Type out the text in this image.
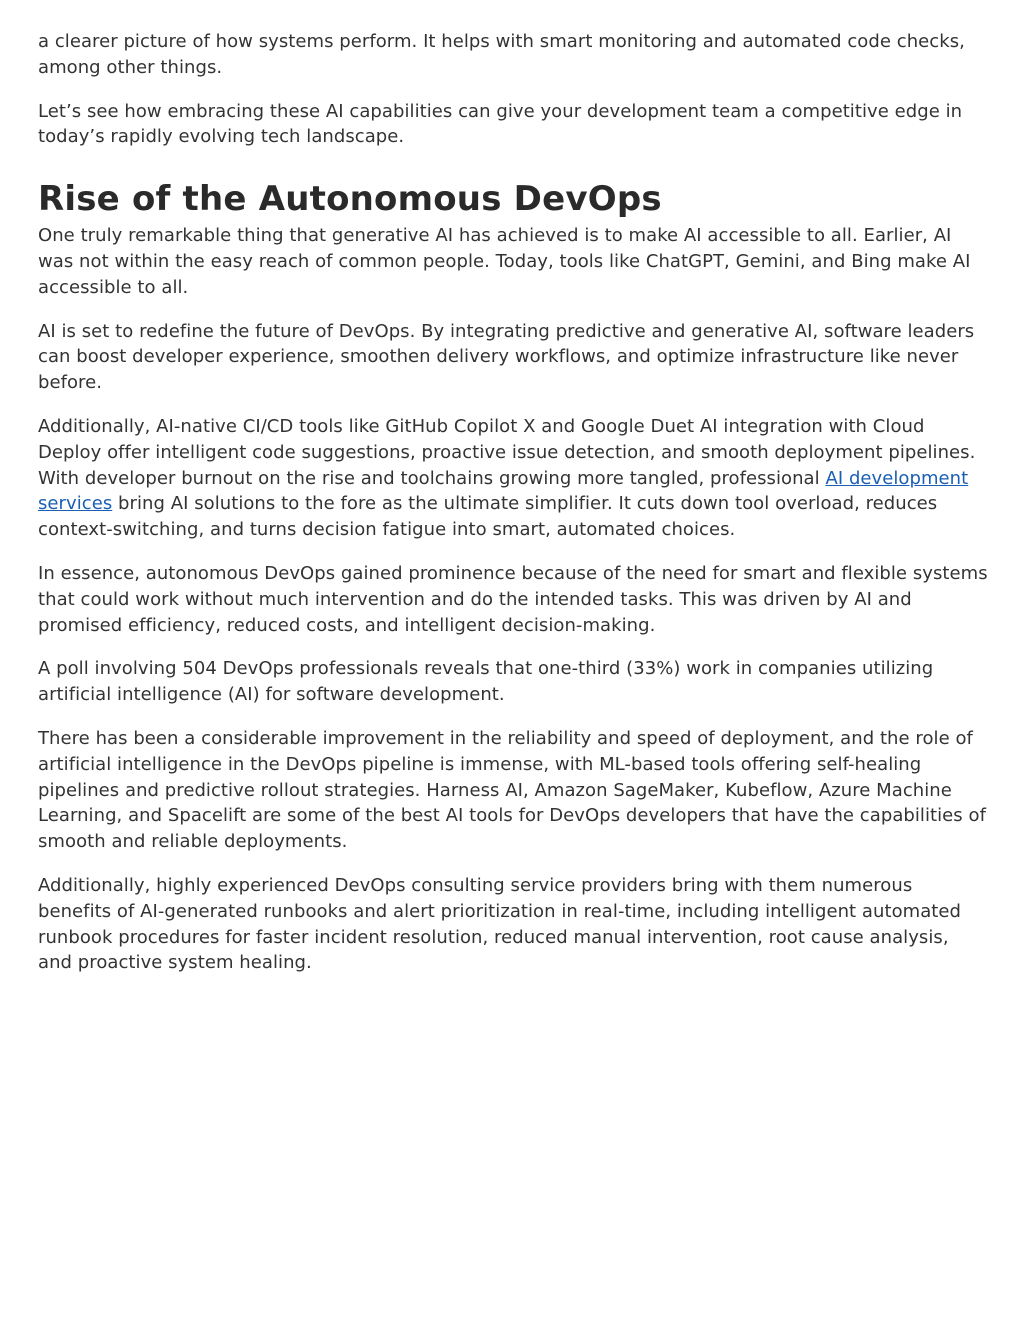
a clearer picture of how systems perform. It helps with smart monitoring and automated code checks, among other things.

Let’s see how embracing these AI capabilities can give your development team a competitive edge in today’s rapidly evolving tech landscape.

Rise of the Autonomous DevOps

One truly remarkable thing that generative AI has achieved is to make AI accessible to all. Earlier, AI was not within the easy reach of common people. Today, tools like ChatGPT, Gemini, and Bing make AI accessible to all.

AI is set to redefine the future of DevOps. By integrating predictive and generative AI, software leaders can boost developer experience, smoothen delivery workflows, and optimize infrastructure like never before.

Additionally, AI-native CI/CD tools like GitHub Copilot X and Google Duet AI integration with Cloud Deploy offer intelligent code suggestions, proactive issue detection, and smooth deployment pipelines. With developer burnout on the rise and toolchains growing more tangled, professional AI development services bring AI solutions to the fore as the ultimate simplifier. It cuts down tool overload, reduces context-switching, and turns decision fatigue into smart, automated choices.

In essence, autonomous DevOps gained prominence because of the need for smart and flexible systems that could work without much intervention and do the intended tasks. This was driven by AI and promised efficiency, reduced costs, and intelligent decision-making.

A poll involving 504 DevOps professionals reveals that one-third (33%) work in companies utilizing artificial intelligence (AI) for software development.

There has been a considerable improvement in the reliability and speed of deployment, and the role of artificial intelligence in the DevOps pipeline is immense, with ML-based tools offering self-healing pipelines and predictive rollout strategies. Harness AI, Amazon SageMaker, Kubeflow, Azure Machine Learning, and Spacelift are some of the best AI tools for DevOps developers that have the capabilities of smooth and reliable deployments.

Additionally, highly experienced DevOps consulting service providers bring with them numerous benefits of AI-generated runbooks and alert prioritization in real-time, including intelligent automated runbook procedures for faster incident resolution, reduced manual intervention, root cause analysis, and proactive system healing.
